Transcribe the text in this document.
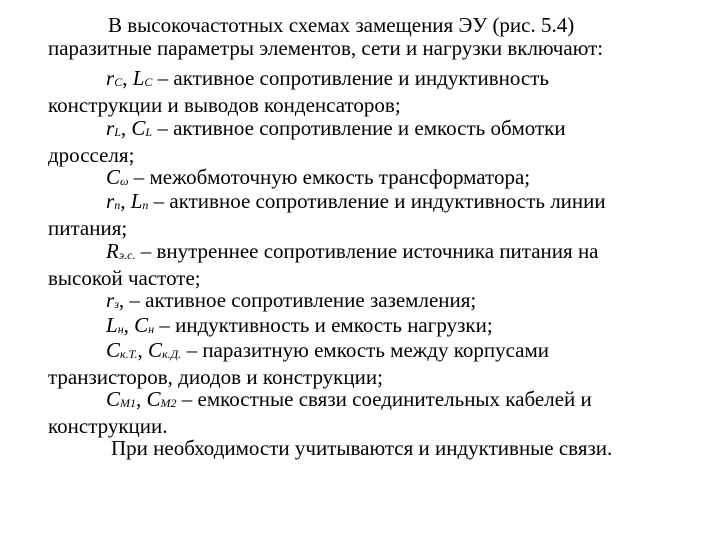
В высокочастотных схемах замещения ЭУ (рис. 5.4)
паразитные параметры элементов, сети и нагрузки включают:

rC, LC – активное сопротивление и индуктивность
конструкции и выводов конденсаторов;

rL, CL – активное сопротивление и емкость обмотки
дросселя;

Cω – межобмоточную емкость трансформатора;

rп, Lп – активное сопротивление и индуктивность линии
питания;

Rэ.с. – внутреннее сопротивление источника питания на
высокой частоте;

rз, – активное сопротивление заземления;

Lн, Cн – индуктивность и емкость нагрузки;

Cк.Т., Cк.Д. – паразитную емкость между корпусами
транзисторов, диодов и конструкции;

CM1, CM2 – емкостные связи соединительных кабелей и
конструкции.

При необходимости учитываются и индуктивные связи.
